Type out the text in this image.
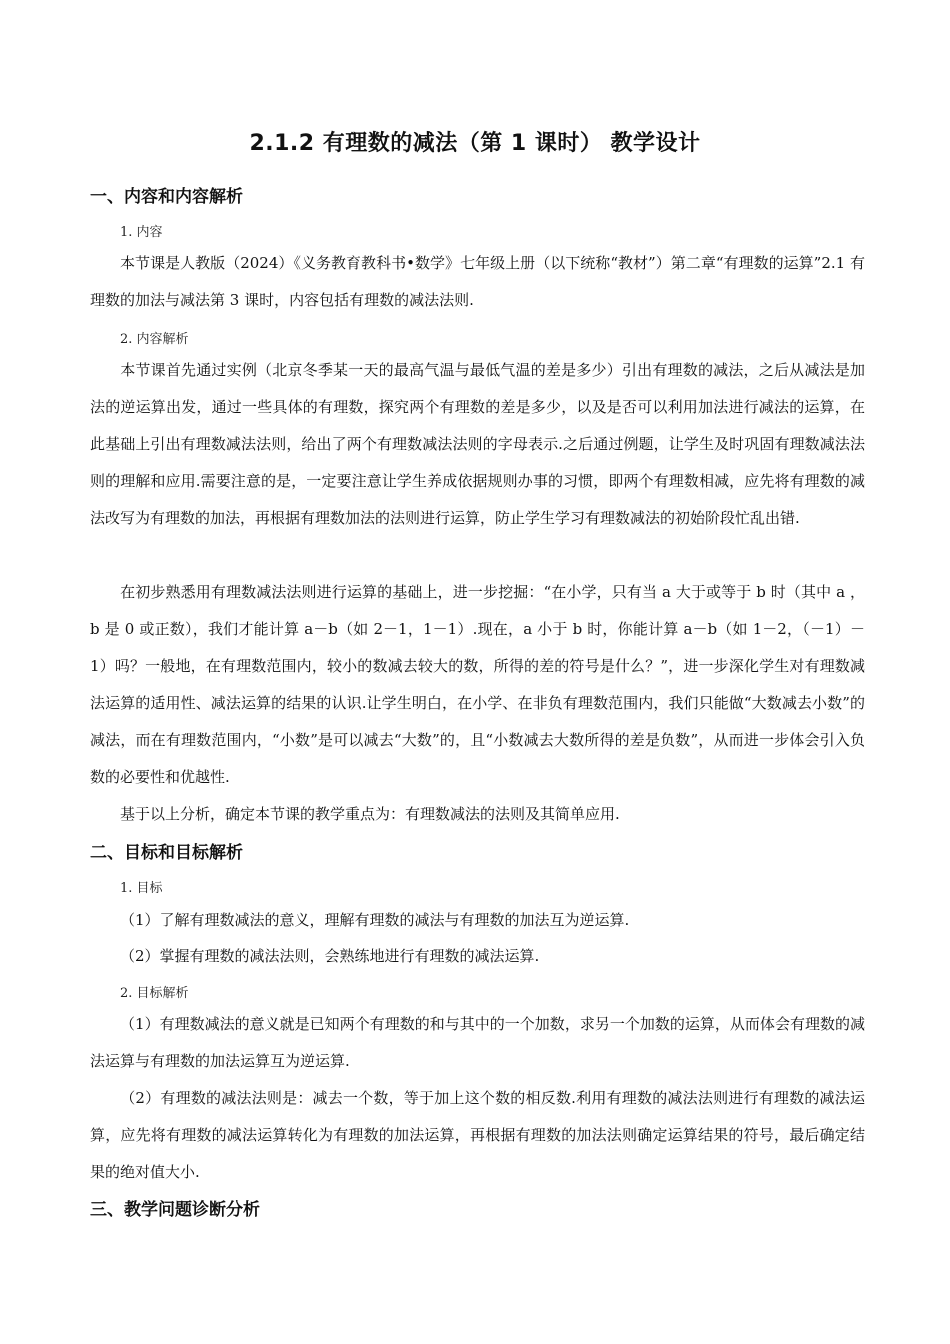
2.1.2 有理数的减法（第 1 课时） 教学设计
一、内容和内容解析
1. 内容
本节课是人教版（2024）《义务教育教科书•数学》七年级上册（以下统称“教材”）第二章“有理数的运算”2.1 有理数的加法与减法第 3 课时，内容包括有理数的减法法则.
2. 内容解析
本节课首先通过实例（北京冬季某一天的最高气温与最低气温的差是多少）引出有理数的减法，之后从减法是加法的逆运算出发，通过一些具体的有理数，探究两个有理数的差是多少，以及是否可以利用加法进行减法的运算，在此基础上引出有理数减法法则，给出了两个有理数减法法则的字母表示.之后通过例题，让学生及时巩固有理数减法法则的理解和应用.需要注意的是，一定要注意让学生养成依据规则办事的习惯，即两个有理数相减，应先将有理数的减法改写为有理数的加法，再根据有理数加法的法则进行运算，防止学生学习有理数减法的初始阶段忙乱出错.
在初步熟悉用有理数减法法则进行运算的基础上，进一步挖掘：“在小学，只有当 a 大于或等于 b 时（其中 a ，b 是 0 或正数），我们才能计算 a－b（如 2－1，1－1）.现在，a 小于 b 时，你能计算 a－b（如 1－2，（－1）－1）吗？一般地，在有理数范围内，较小的数减去较大的数，所得的差的符号是什么？”，进一步深化学生对有理数减法运算的适用性、减法运算的结果的认识.让学生明白，在小学、在非负有理数范围内，我们只能做“大数减去小数”的减法，而在有理数范围内，“小数”是可以减去“大数”的，且“小数减去大数所得的差是负数”，从而进一步体会引入负数的必要性和优越性.
基于以上分析，确定本节课的教学重点为：有理数减法的法则及其简单应用.
二、目标和目标解析
1. 目标
（1）了解有理数减法的意义，理解有理数的减法与有理数的加法互为逆运算.
（2）掌握有理数的减法法则，会熟练地进行有理数的减法运算.
2. 目标解析
（1）有理数减法的意义就是已知两个有理数的和与其中的一个加数，求另一个加数的运算，从而体会有理数的减法运算与有理数的加法运算互为逆运算.
（2）有理数的减法法则是：减去一个数，等于加上这个数的相反数.利用有理数的减法法则进行有理数的减法运算，应先将有理数的减法运算转化为有理数的加法运算，再根据有理数的加法法则确定运算结果的符号，最后确定结果的绝对值大小.
三、教学问题诊断分析
